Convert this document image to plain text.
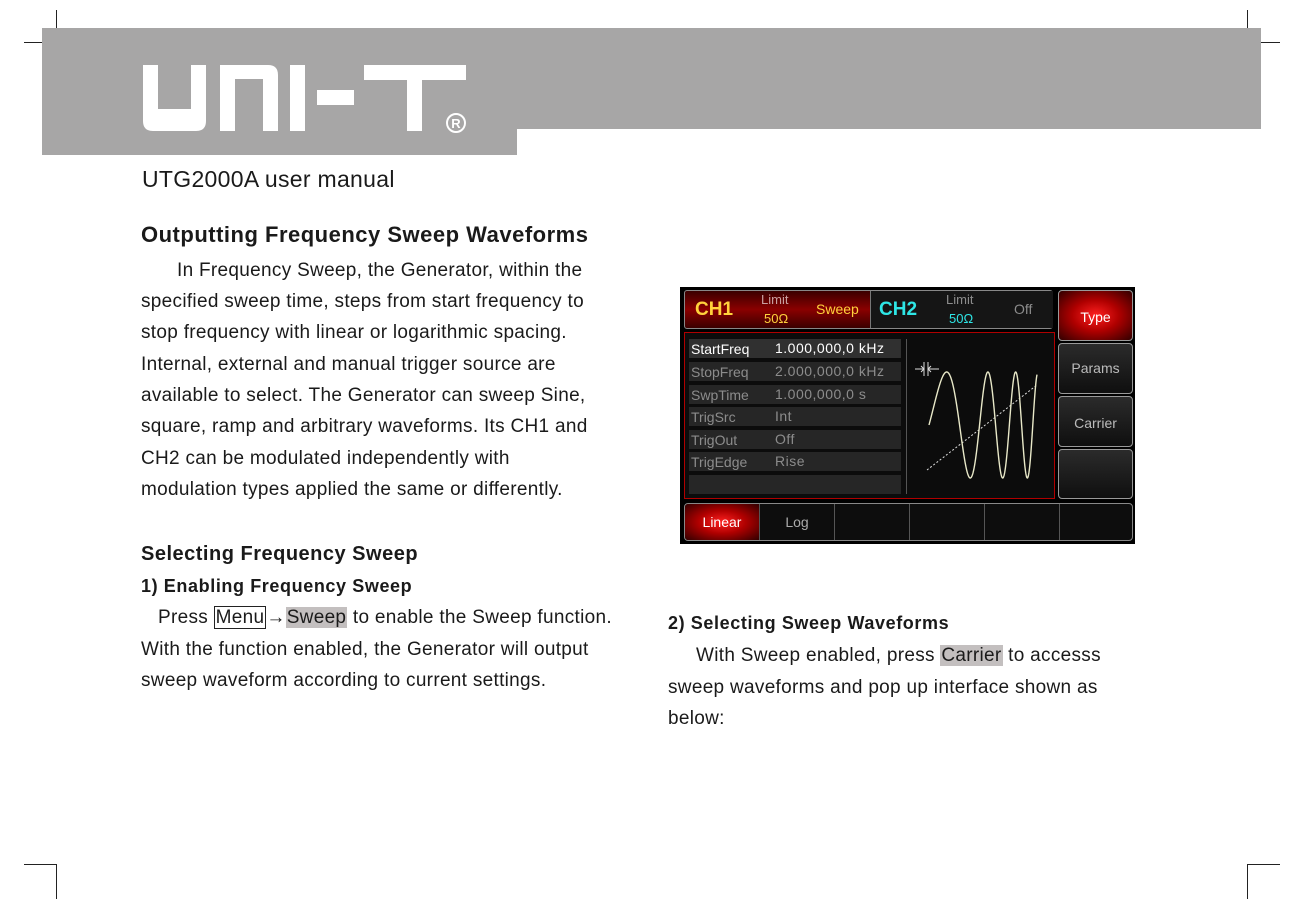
R
UTG2000A user manual
Outputting Frequency Sweep Waveforms
In Frequency Sweep, the Generator, within the
specified sweep time, steps from start frequency to
stop frequency with linear or logarithmic spacing.
Internal, external and manual trigger source are
available to select. The Generator can sweep Sine,
square, ramp and arbitrary waveforms. Its CH1 and
CH2 can be modulated independently with
modulation types applied the same or differently.
Selecting Frequency Sweep
1) Enabling Frequency Sweep
Press Menu →Sweep to enable the Sweep function.
With the function enabled, the Generator will output
sweep waveform according to current settings.
2) Selecting Sweep Waveforms
With Sweep enabled, press Carrier to accesss
sweep waveforms and pop up interface shown as
below:
CH1 Limit
50Ω
Sweep CH2 Limit
50Ω
Off	Type
Params
Carrier
StartFreq 1.000,000,0 kHz
StopFreq 2.000,000,0 kHz
SwpTime 1.000,000,0 s
TrigSrc	Int
TrigOut	Off
TrigEdge Rise
Linear	Log
